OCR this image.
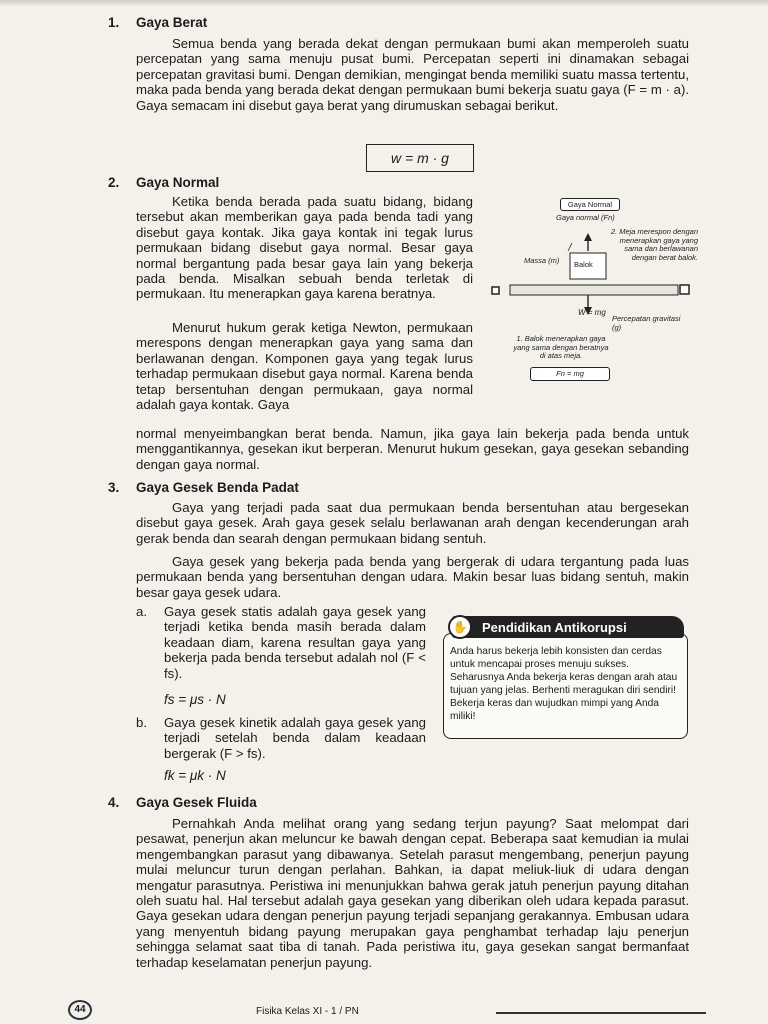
1. Gaya Berat

Semua benda yang berada dekat dengan permukaan bumi akan memperoleh suatu percepatan yang sama menuju pusat bumi. Percepatan seperti ini dinamakan sebagai percepatan gravitasi bumi. Dengan demikian, mengingat benda memiliki suatu massa tertentu, maka pada benda yang berada dekat dengan permukaan bumi bekerja suatu gaya (F = m · a). Gaya semacam ini disebut gaya berat yang dirumuskan sebagai berikut.

w = m · g
2. Gaya Normal

Ketika benda berada pada suatu bidang, bidang tersebut akan memberikan gaya pada benda tadi yang disebut gaya kontak. Jika gaya kontak ini tegak lurus permukaan bidang disebut gaya normal. Besar gaya normal bergantung pada besar gaya lain yang bekerja pada benda. Misalkan sebuah benda terletak di permukaan. Itu menerapkan gaya karena beratnya.

Menurut hukum gerak ketiga Newton, permukaan merespons dengan menerapkan gaya yang sama dan berlawanan dengan. Komponen gaya yang tegak lurus terhadap permukaan disebut gaya normal. Karena benda tetap bersentuhan dengan permukaan, gaya normal adalah gaya kontak. Gaya

normal menyeimbangkan berat benda. Namun, jika gaya lain bekerja pada benda untuk menggantikannya, gesekan ikut berperan. Menurut hukum gesekan, gaya gesekan sebanding dengan gaya normal.

Gaya Normal
Gaya normal (Fn)
2. Meja merespon dengan menerapkan gaya yang sama dan berlawanan dengan berat balok.
Massa (m) Balok
W = mg
Percepatan gravitasi (g)
1. Balok menerapkan gaya yang sama dengan beratnya di atas meja.
Fn = mg
3. Gaya Gesek Benda Padat

Gaya yang terjadi pada saat dua permukaan benda bersentuhan atau bergesekan disebut gaya gesek. Arah gaya gesek selalu berlawanan arah dengan kecenderungan arah gerak benda dan searah dengan permukaan bidang sentuh.

Gaya gesek yang bekerja pada benda yang bergerak di udara tergantung pada luas permukaan benda yang bersentuhan dengan udara. Makin besar luas bidang sentuh, makin besar gaya gesek udara.

a. Gaya gesek statis adalah gaya gesek yang terjadi ketika benda masih berada dalam keadaan diam, karena resultan gaya yang bekerja pada benda tersebut adalah nol (F < fs).

fs = μs · N
b. Gaya gesek kinetik adalah gaya gesek yang terjadi setelah benda dalam keadaan bergerak (F > fs).

fk = μk · N
Pendidikan Antikorupsi
✋

Anda harus bekerja lebih konsisten dan cerdas untuk mencapai proses menuju sukses. Seharusnya Anda bekerja keras dengan arah atau tujuan yang jelas. Berhenti meragukan diri sendiri! Bekerja keras dan wujudkan mimpi yang Anda miliki!

4. Gaya Gesek Fluida

Pernahkah Anda melihat orang yang sedang terjun payung? Saat melompat dari pesawat, penerjun akan meluncur ke bawah dengan cepat. Beberapa saat kemudian ia mulai mengembangkan parasut yang dibawanya. Setelah parasut mengembang, penerjun payung mulai meluncur turun dengan perlahan. Bahkan, ia dapat meliuk-liuk di udara dengan mengatur parasutnya. Peristiwa ini menunjukkan bahwa gerak jatuh penerjun payung ditahan oleh suatu hal. Hal tersebut adalah gaya gesekan yang diberikan oleh udara kepada parasut. Gaya gesekan udara dengan penerjun payung terjadi sepanjang gerakannya. Embusan udara yang menyentuh bidang payung merupakan gaya penghambat terhadap laju penerjun sehingga selamat saat tiba di tanah. Pada peristiwa itu, gaya gesekan sangat bermanfaat terhadap keselamatan penerjun payung.

44	Fisika Kelas XI - 1 / PN
